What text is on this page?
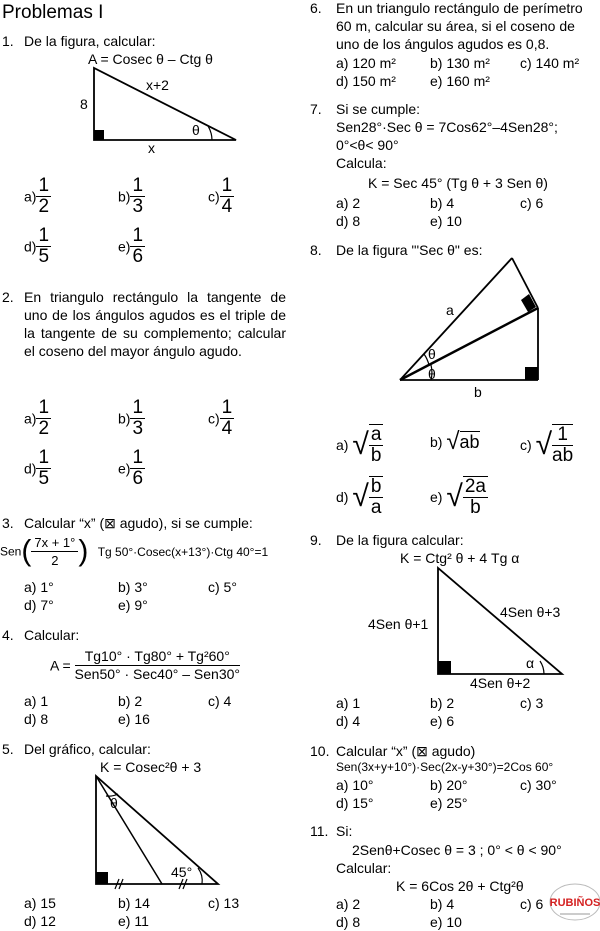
Problemas I
1. De la figura, calcular:
A = Cosec θ – Ctg θ
x+2
8
x
θ
$a) \frac{1}{2}$	$b) \frac{1}{3}$	$c) \frac{1}{4}$
$d) \frac{1}{5}$	$e) \frac{1}{6}$
2. En triangulo rectángulo la tangente de uno de los ángulos agudos es el triple de la tangente de su complemento; calcular el coseno del mayor ángulo agudo.
$a) \frac{1}{2}$	$b) \frac{1}{3}$	$c) \frac{1}{4}$
$d) \frac{1}{5}$	$e) \frac{1}{6}$
3. Calcular “x” (⊠ agudo), si se cumple:
$Sen( \frac{7x + 1^\circ}{2}$ ) Tg 50°·Cosec(x+13°)·Ctg 40°=1
a) 1°	b) 3°	c) 5°
d) 7°	e) 9°
4. Calcular:
A =
Tg10° · Tg80° + Tg²60°
Sen50° · Sec40° – Sen30°
a) 1	b) 2	c) 4
d) 8	e) 16
5. Del gráfico, calcular:
K = Cosec²θ + 3
θ
45°
a) 15	b) 14	c) 13
d) 12	e) 11
6. En un triangulo rectángulo de perímetro
60 m, calcular su área, si el coseno de
uno de los ángulos agudos es 0,8.
a) 120 m² b) 130 m² c) 140 m²
d) 150 m² e) 160 m²
7. Si se cumple:
Sen28°·Sec θ = 7Cos62°–4Sen28°;
0°<θ< 90°
Calcula:
K = Sec 45° (Tg θ + 3 Sen θ)
a) 2	b) 4	c) 6
d) 8	e) 10
8. De la figura "'Sec θ" es:
a
b
θ
θ
a) √ $\frac{a}{b}$	b) √ab	c) √ $\frac{1}{ab}$
d) √ $\frac{b}{a}$	e) √ $\frac{2a}{b}$
9. De la figura calcular:
K = Ctg² θ + 4 Tg α
4Sen θ+1
4Sen θ+3
4Sen θ+2
α
a) 1	b) 2	c) 3
d) 4	e) 6
10. Calcular “x” (⊠ agudo)
Sen(3x+y+10°)·Sec(2x-y+30°)=2Cos 60°
a) 10°	b) 20°	c) 30°
d) 15°	e) 25°
11. Si:
2Senθ+Cosec θ = 3 ; 0° < θ < 90°
Calcular:
K = 6Cos 2θ + Ctg²θ
a) 2	b) 4	c) 6
d) 8	e) 10
RUBIÑOS
